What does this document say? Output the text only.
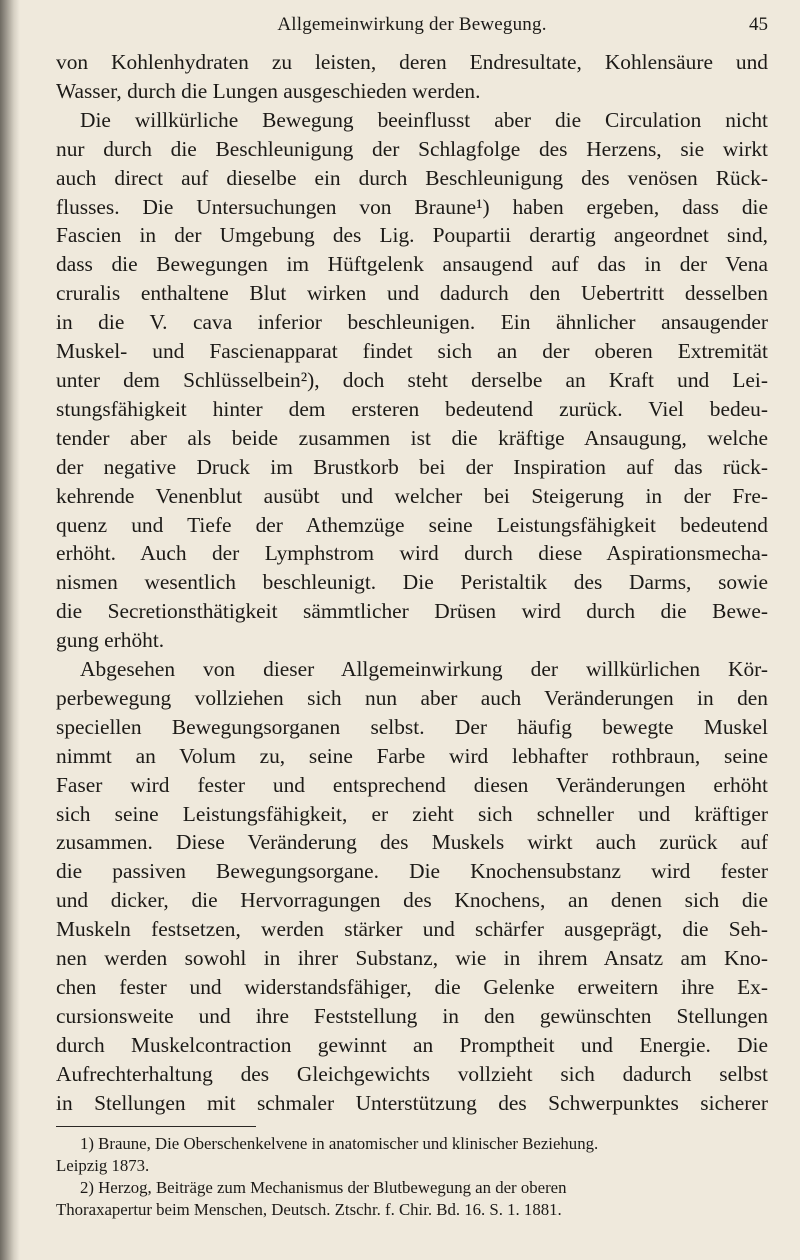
Allgemeinwirkung der Bewegung.	45
von Kohlenhydraten zu leisten, deren Endresultate, Kohlensäure und
Wasser, durch die Lungen ausgeschieden werden.
Die willkürliche Bewegung beeinflusst aber die Circulation nicht
nur durch die Beschleunigung der Schlagfolge des Herzens, sie wirkt
auch direct auf dieselbe ein durch Beschleunigung des venösen Rück-
flusses. Die Untersuchungen von Braune¹) haben ergeben, dass die
Fascien in der Umgebung des Lig. Poupartii derartig angeordnet sind,
dass die Bewegungen im Hüftgelenk ansaugend auf das in der Vena
cruralis enthaltene Blut wirken und dadurch den Uebertritt desselben
in die V. cava inferior beschleunigen. Ein ähnlicher ansaugender
Muskel- und Fascienapparat findet sich an der oberen Extremität
unter dem Schlüsselbein²), doch steht derselbe an Kraft und Lei-
stungsfähigkeit hinter dem ersteren bedeutend zurück. Viel bedeu-
tender aber als beide zusammen ist die kräftige Ansaugung, welche
der negative Druck im Brustkorb bei der Inspiration auf das rück-
kehrende Venenblut ausübt und welcher bei Steigerung in der Fre-
quenz und Tiefe der Athemzüge seine Leistungsfähigkeit bedeutend
erhöht. Auch der Lymphstrom wird durch diese Aspirationsmecha-
nismen wesentlich beschleunigt. Die Peristaltik des Darms, sowie
die Secretionsthätigkeit sämmtlicher Drüsen wird durch die Bewe-
gung erhöht.
Abgesehen von dieser Allgemeinwirkung der willkürlichen Kör-
perbewegung vollziehen sich nun aber auch Veränderungen in den
speciellen Bewegungsorganen selbst. Der häufig bewegte Muskel
nimmt an Volum zu, seine Farbe wird lebhafter rothbraun, seine
Faser wird fester und entsprechend diesen Veränderungen erhöht
sich seine Leistungsfähigkeit, er zieht sich schneller und kräftiger
zusammen. Diese Veränderung des Muskels wirkt auch zurück auf
die passiven Bewegungsorgane. Die Knochensubstanz wird fester
und dicker, die Hervorragungen des Knochens, an denen sich die
Muskeln festsetzen, werden stärker und schärfer ausgeprägt, die Seh-
nen werden sowohl in ihrer Substanz, wie in ihrem Ansatz am Kno-
chen fester und widerstandsfähiger, die Gelenke erweitern ihre Ex-
cursionsweite und ihre Feststellung in den gewünschten Stellungen
durch Muskelcontraction gewinnt an Promptheit und Energie. Die
Aufrechterhaltung des Gleichgewichts vollzieht sich dadurch selbst
in Stellungen mit schmaler Unterstützung des Schwerpunktes sicherer
1) Braune, Die Oberschenkelvene in anatomischer und klinischer Beziehung.
Leipzig 1873.
2) Herzog, Beiträge zum Mechanismus der Blutbewegung an der oberen
Thoraxapertur beim Menschen, Deutsch. Ztschr. f. Chir. Bd. 16. S. 1. 1881.
